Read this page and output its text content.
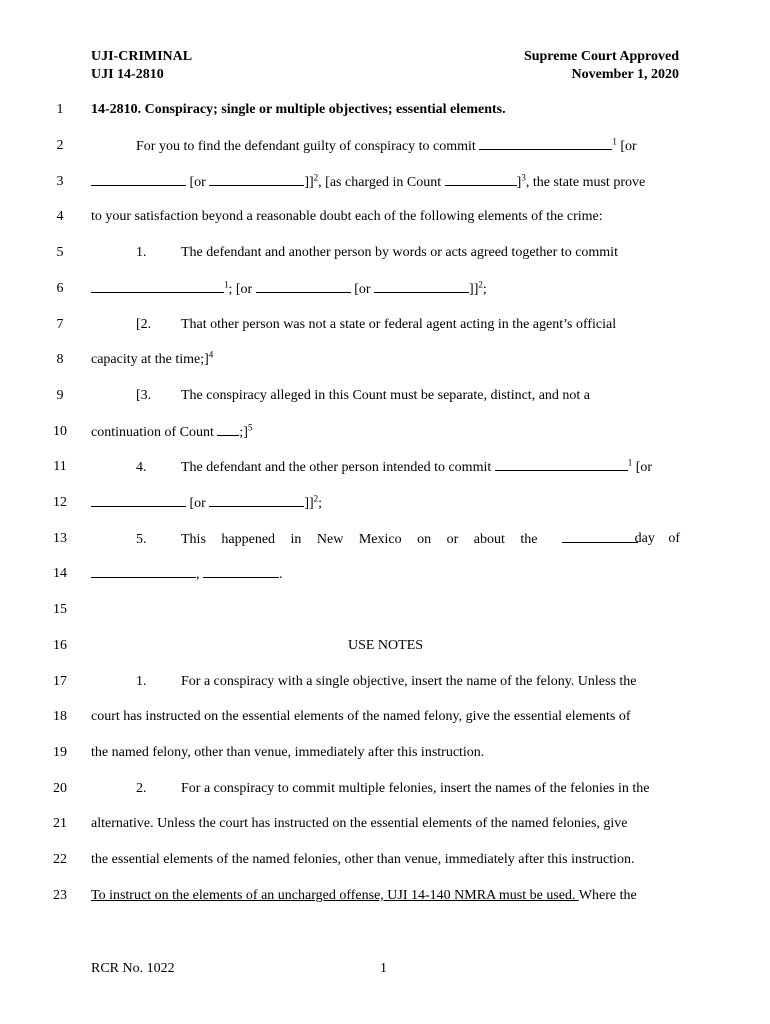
UJI-CRIMINAL
UJI 14-2810
Supreme Court Approved
November 1, 2020
1
2
3
4
5
6
7
8
9
10
11
12
13
14
15
16
17
18
19
20
21
22
23
14-2810. Conspiracy; single or multiple objectives; essential elements.
For you to find the defendant guilty of conspiracy to commit	$^1$ [or
[or	]]$^2$, [as charged in Count	]$^3$, the state must prove
to your satisfaction beyond a reasonable doubt each of the following elements of the crime:
1. The defendant and another person by words or acts agreed together to commit
$^1$; [or	[or	]]$^2$;
[2. That other person was not a state or federal agent acting in the agent’s official
capacity at the time;]$^4$
[3. The conspiracy alleged in this Count must be separate, distinct, and not a
continuation of Count ;]$^5$
4. The defendant and the other person intended to commit	$^1$ [or
[or	]]$^2$;
5. This happened in New Mexico on or about the	day of
,	.
USE NOTES
1. For a conspiracy with a single objective, insert the name of the felony. Unless the
court has instructed on the essential elements of the named felony, give the essential elements of
the named felony, other than venue, immediately after this instruction.
2. For a conspiracy to commit multiple felonies, insert the names of the felonies in the
alternative. Unless the court has instructed on the essential elements of the named felonies, give
the essential elements of the named felonies, other than venue, immediately after this instruction.
To instruct on the elements of an uncharged offense, UJI 14-140 NMRA must be used. Where the
RCR No. 1022	1
